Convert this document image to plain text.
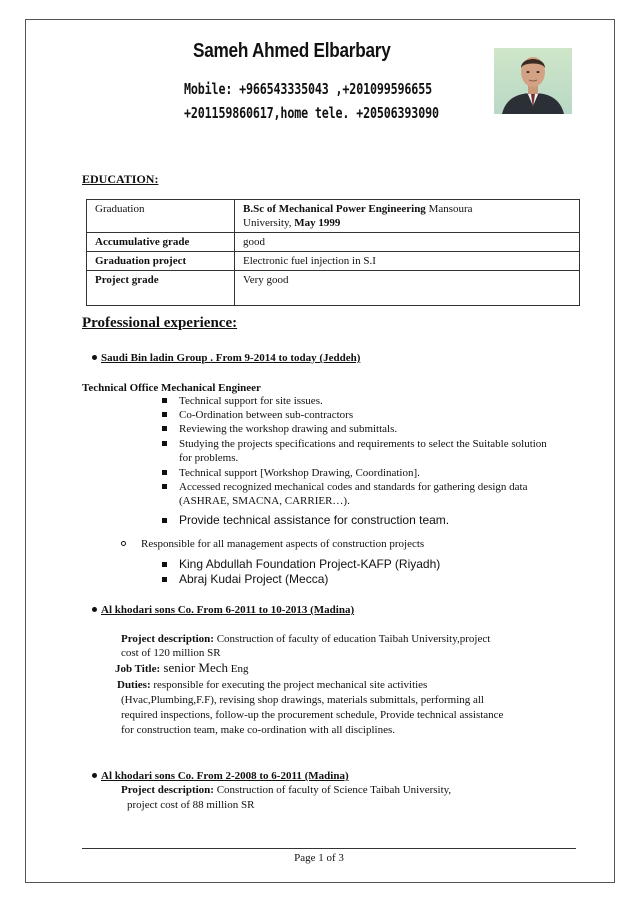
Sameh Ahmed Elbarbary
Mobile: +966543335043 ,+201099596655
+201159860617,home tele. +20506393090
EDUCATION:
Graduation	B.Sc of Mechanical Power Engineering Mansoura
University, May 1999
Accumulative grade	good
Graduation project	Electronic fuel injection in S.I
Project grade	Very good
Professional experience:
Saudi Bin ladin Group . From 9-2014 to today (Jeddeh)
Technical Office Mechanical Engineer
Technical support for site issues.
Co-Ordination between sub-contractors
Reviewing the workshop drawing and submittals.
Studying the projects specifications and requirements to select the Suitable solution
for problems.
Technical support [Workshop Drawing, Coordination].
Accessed recognized mechanical codes and standards for gathering design data
(ASHRAE, SMACNA, CARRIER…).
Provide technical assistance for construction team.
Responsible for all management aspects of construction projects
King Abdullah Foundation Project-KAFP (Riyadh)
Abraj Kudai Project (Mecca)
Al khodari sons Co. From 6-2011 to 10-2013 (Madina)
Project description: Construction of faculty of education Taibah University,project
cost of 120 million SR
Job Title: senior Mech Eng
Duties: responsible for executing the project mechanical site activities
(Hvac,Plumbing,F.F), revising shop drawings, materials submittals, performing all
required inspections, follow-up the procurement schedule, Provide technical assistance
for construction team, make co-ordination with all disciplines.
Al khodari sons Co. From 2-2008 to 6-2011 (Madina)
Project description: Construction of faculty of Science Taibah University,
project cost of 88 million SR
Page 1 of 3
